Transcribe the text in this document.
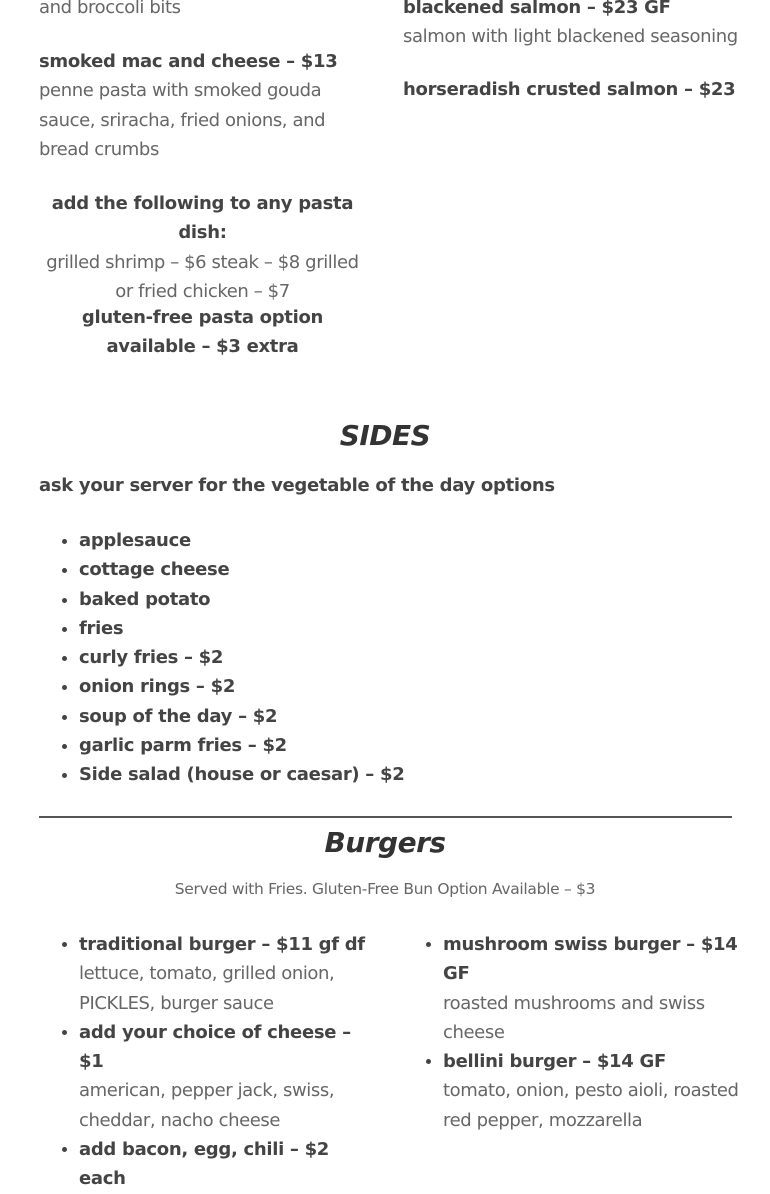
and broccoli bits
smoked mac and cheese – $13
penne pasta with smoked gouda sauce, sriracha, fried onions, and bread crumbs
add the following to any pasta dish:
grilled shrimp – $6 steak – $8 grilled or fried chicken – $7
gluten-free pasta option available – $3 extra
blackened salmon – $23 GF
salmon with light blackened seasoning
horseradish crusted salmon – $23
SIDES
ask your server for the vegetable of the day options
• applesauce
• cottage cheese
• baked potato
• fries
• curly fries – $2
• onion rings – $2
• soup of the day – $2
• garlic parm fries – $2
• Side salad (house or caesar) – $2
Burgers
Served with Fries. Gluten-Free Bun Option Available – $3
• traditional burger – $11 gf df
lettuce, tomato, grilled onion, PICKLES, burger sauce
• add your choice of cheese – $1
american, pepper jack, swiss, cheddar, nacho cheese
• add bacon, egg, chili – $2 each
• mushroom swiss burger – $14 GF
roasted mushrooms and swiss cheese
• bellini burger – $14 GF
tomato, onion, pesto aioli, roasted red pepper, mozzarella
